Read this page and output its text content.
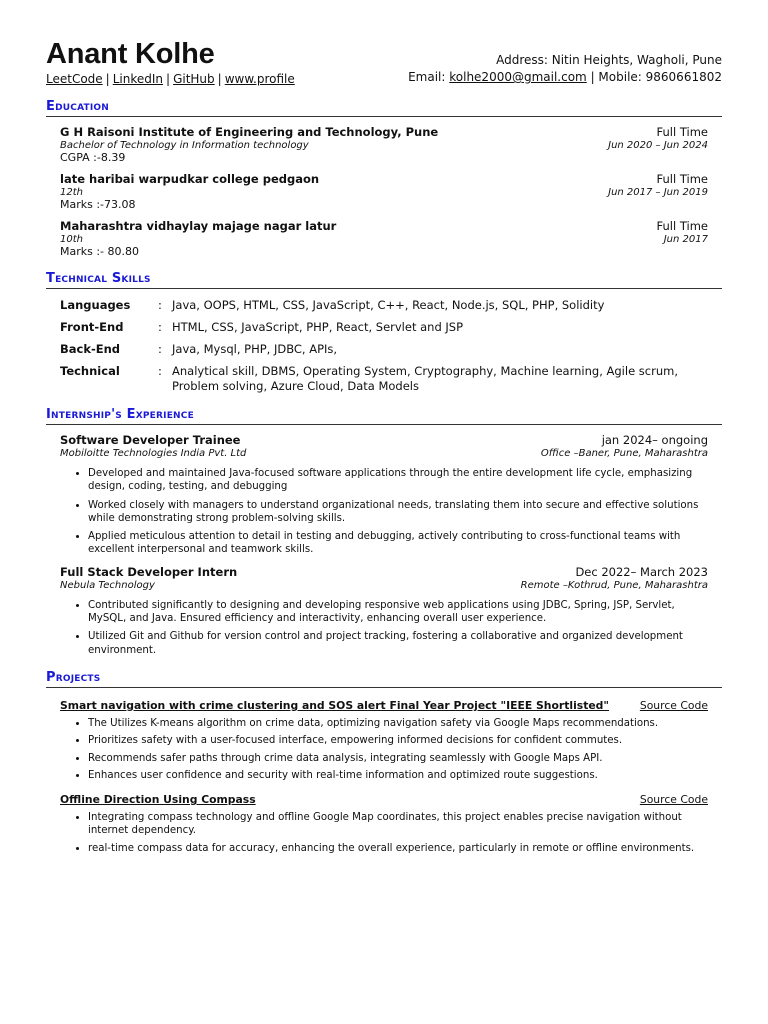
Anant Kolhe
LeetCode | LinkedIn | GitHub | www.profile
Address: Nitin Heights, Wagholi, Pune
Email: kolhe2000@gmail.com | Mobile: 9860661802
Education
G H Raisoni Institute of Engineering and Technology, Pune	Full Time
Bachelor of Technology in Information technology	Jun 2020 – Jun 2024
CGPA :-8.39
late haribai warpudkar college pedgaon	Full Time
12th	Jun 2017 – Jun 2019
Marks :-73.08
Maharashtra vidhaylay majage nagar latur	Full Time
10th	Jun 2017
Marks :- 80.80
Technical Skills
Languages	: Java, OOPS, HTML, CSS, JavaScript, C++, React, Node.js, SQL, PHP, Solidity
Front-End	: HTML, CSS, JavaScript, PHP, React, Servlet and JSP
Back-End	: Java, Mysql, PHP, JDBC, APIs,
Technical	: Analytical skill, DBMS, Operating System, Cryptography, Machine learning, Agile scrum, Problem solving, Azure Cloud, Data Models
Internship's Experience
Software Developer Trainee	jan 2024– ongoing
Mobiloitte Technologies India Pvt. Ltd	Office –Baner, Pune, Maharashtra
• Developed and maintained Java-focused software applications through the entire development life cycle, emphasizing design, coding, testing, and debugging
• Worked closely with managers to understand organizational needs, translating them into secure and effective solutions while demonstrating strong problem-solving skills.
• Applied meticulous attention to detail in testing and debugging, actively contributing to cross-functional teams with excellent interpersonal and teamwork skills.
Full Stack Developer Intern	Dec 2022– March 2023
Nebula Technology	Remote –Kothrud, Pune, Maharashtra
• Contributed significantly to designing and developing responsive web applications using JDBC, Spring, JSP, Servlet, MySQL, and Java. Ensured efficiency and interactivity, enhancing overall user experience.
• Utilized Git and Github for version control and project tracking, fostering a collaborative and organized development environment.
Projects
Smart navigation with crime clustering and SOS alert Final Year Project "IEEE Shortlisted"	Source Code
• The Utilizes K-means algorithm on crime data, optimizing navigation safety via Google Maps recommendations.
• Prioritizes safety with a user-focused interface, empowering informed decisions for confident commutes.
• Recommends safer paths through crime data analysis, integrating seamlessly with Google Maps API.
• Enhances user confidence and security with real-time information and optimized route suggestions.
Offline Direction Using Compass	Source Code
• Integrating compass technology and offline Google Map coordinates, this project enables precise navigation without internet dependency.
• real-time compass data for accuracy, enhancing the overall experience, particularly in remote or offline environments.
